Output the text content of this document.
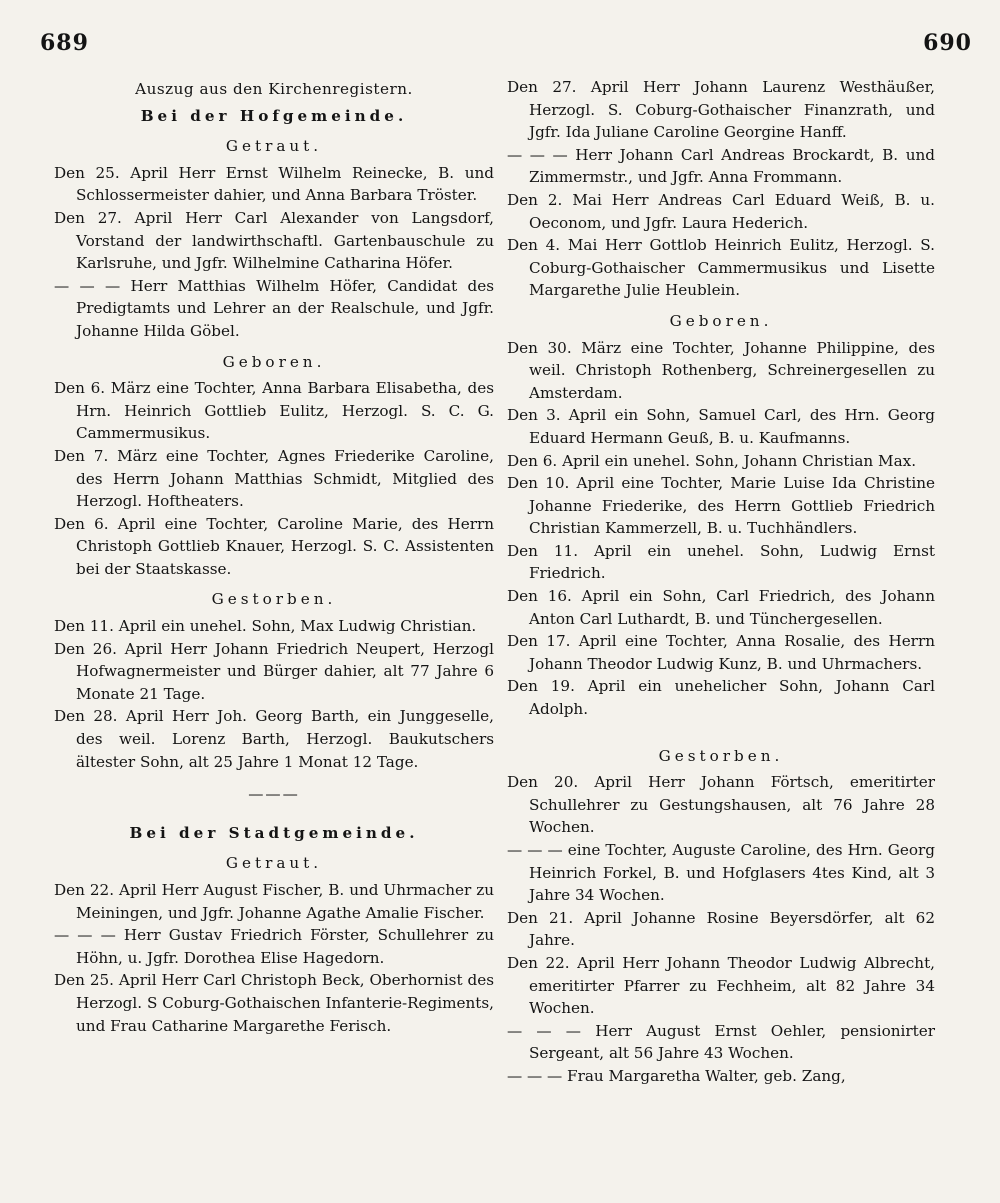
689	690
Auszug aus den Kirchenregistern.
Bei der Hofgemeinde.
Getraut.

Den 25. April Herr Ernst Wilhelm Reinecke, B. und Schlossermeister dahier, und Anna Barbara Tröster.

Den 27. April Herr Carl Alexander von Langsdorf, Vorstand der landwirthschaftl. Gartenbauschule zu Karlsruhe, und Jgfr. Wilhelmine Catharina Höfer.

— — — Herr Matthias Wilhelm Höfer, Candidat des Predigtamts und Lehrer an der Realschule, und Jgfr. Johanne Hilda Göbel.

Geboren.

Den 6. März eine Tochter, Anna Barbara Elisabetha, des Hrn. Heinrich Gottlieb Eulitz, Herzogl. S. C. G. Cammermusikus.

Den 7. März eine Tochter, Agnes Friederike Caroline, des Herrn Johann Matthias Schmidt, Mitglied des Herzogl. Hoftheaters.

Den 6. April eine Tochter, Caroline Marie, des Herrn Christoph Gottlieb Knauer, Herzogl. S. C. Assistenten bei der Staatskasse.

Gestorben.

Den 11. April ein unehel. Sohn, Max Ludwig Christian.

Den 26. April Herr Johann Friedrich Neupert, Herzogl Hofwagnermeister und Bürger dahier, alt 77 Jahre 6 Monate 21 Tage.

Den 28. April Herr Joh. Georg Barth, ein Junggeselle, des weil. Lorenz Barth, Herzogl. Baukutschers ältester Sohn, alt 25 Jahre 1 Monat 12 Tage.

———
Bei der Stadtgemeinde.
Getraut.

Den 22. April Herr August Fischer, B. und Uhrmacher zu Meiningen, und Jgfr. Johanne Agathe Amalie Fischer.

— — — Herr Gustav Friedrich Förster, Schullehrer zu Höhn, u. Jgfr. Dorothea Elise Hagedorn.

Den 25. April Herr Carl Christoph Beck, Oberhornist des Herzogl. S Coburg-Gothaischen Infanterie-Regiments, und Frau Catharine Margarethe Ferisch.

Den 27. April Herr Johann Laurenz Westhäußer, Herzogl. S. Coburg-Gothaischer Finanzrath, und Jgfr. Ida Juliane Caroline Georgine Hanff.

— — — Herr Johann Carl Andreas Brockardt, B. und Zimmermstr., und Jgfr. Anna Frommann.

Den 2. Mai Herr Andreas Carl Eduard Weiß, B. u. Oeconom, und Jgfr. Laura Hederich.

Den 4. Mai Herr Gottlob Heinrich Eulitz, Herzogl. S. Coburg-Gothaischer Cammermusikus und Lisette Margarethe Julie Heublein.

Geboren.

Den 30. März eine Tochter, Johanne Philippine, des weil. Christoph Rothenberg, Schreinergesellen zu Amsterdam.

Den 3. April ein Sohn, Samuel Carl, des Hrn. Georg Eduard Hermann Geuß, B. u. Kaufmanns.

Den 6. April ein unehel. Sohn, Johann Christian Max.

Den 10. April eine Tochter, Marie Luise Ida Christine Johanne Friederike, des Herrn Gottlieb Friedrich Christian Kammerzell, B. u. Tuchhändlers.

Den 11. April ein unehel. Sohn, Ludwig Ernst Friedrich.

Den 16. April ein Sohn, Carl Friedrich, des Johann Anton Carl Luthardt, B. und Tünchergesellen.

Den 17. April eine Tochter, Anna Rosalie, des Herrn Johann Theodor Ludwig Kunz, B. und Uhrmachers.

Den 19. April ein unehelicher Sohn, Johann Carl Adolph.

Gestorben.

Den 20. April Herr Johann Förtsch, emeritirter Schullehrer zu Gestungshausen, alt 76 Jahre 28 Wochen.

— — — eine Tochter, Auguste Caroline, des Hrn. Georg Heinrich Forkel, B. und Hofglasers 4tes Kind, alt 3 Jahre 34 Wochen.

Den 21. April Johanne Rosine Beyersdörfer, alt 62 Jahre.

Den 22. April Herr Johann Theodor Ludwig Albrecht, emeritirter Pfarrer zu Fechheim, alt 82 Jahre 34 Wochen.

— — — Herr August Ernst Oehler, pensionirter Sergeant, alt 56 Jahre 43 Wochen.

— — — Frau Margaretha Walter, geb. Zang,
